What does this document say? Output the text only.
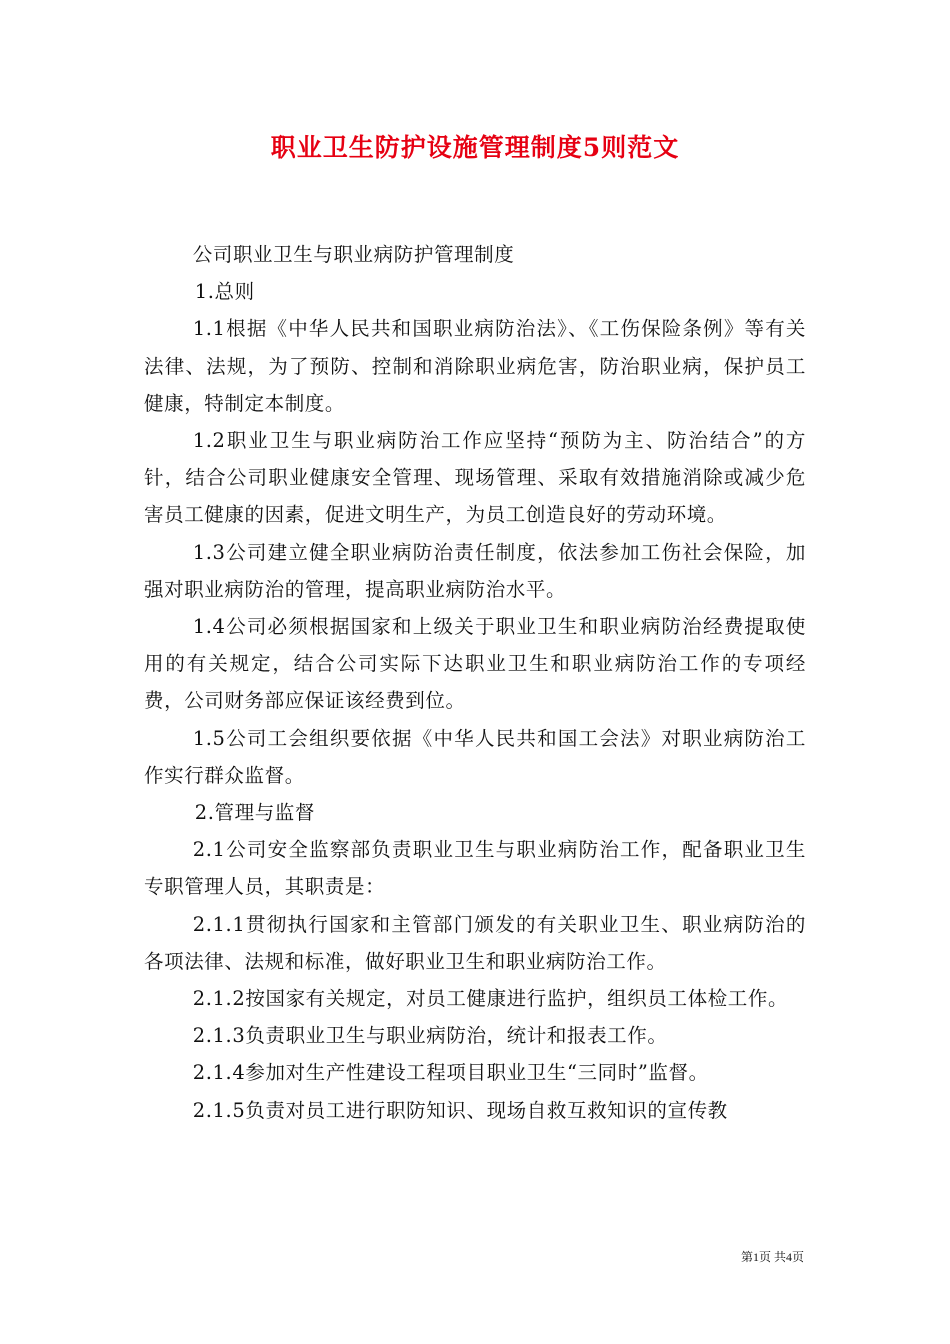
职业卫生防护设施管理制度5则范文

公司职业卫生与职业病防护管理制度

1.总则

1.1根据《中华人民共和国职业病防治法》、《工伤保险条例》等有关法律、法规，为了预防、控制和消除职业病危害，防治职业病，保护员工健康，特制定本制度。

1.2职业卫生与职业病防治工作应坚持“预防为主、防治结合”的方针，结合公司职业健康安全管理、现场管理、采取有效措施消除或减少危害员工健康的因素，促进文明生产，为员工创造良好的劳动环境。

1.3公司建立健全职业病防治责任制度，依法参加工伤社会保险，加强对职业病防治的管理，提高职业病防治水平。

1.4公司必须根据国家和上级关于职业卫生和职业病防治经费提取使用的有关规定，结合公司实际下达职业卫生和职业病防治工作的专项经费，公司财务部应保证该经费到位。

1.5公司工会组织要依据《中华人民共和国工会法》对职业病防治工作实行群众监督。

2.管理与监督

2.1公司安全监察部负责职业卫生与职业病防治工作，配备职业卫生专职管理人员，其职责是：

2.1.1贯彻执行国家和主管部门颁发的有关职业卫生、职业病防治的各项法律、法规和标准，做好职业卫生和职业病防治工作。

2.1.2按国家有关规定，对员工健康进行监护，组织员工体检工作。

2.1.3负责职业卫生与职业病防治，统计和报表工作。

2.1.4参加对生产性建设工程项目职业卫生“三同时”监督。

2.1.5负责对员工进行职防知识、现场自救互救知识的宣传教

第1页 共4页
